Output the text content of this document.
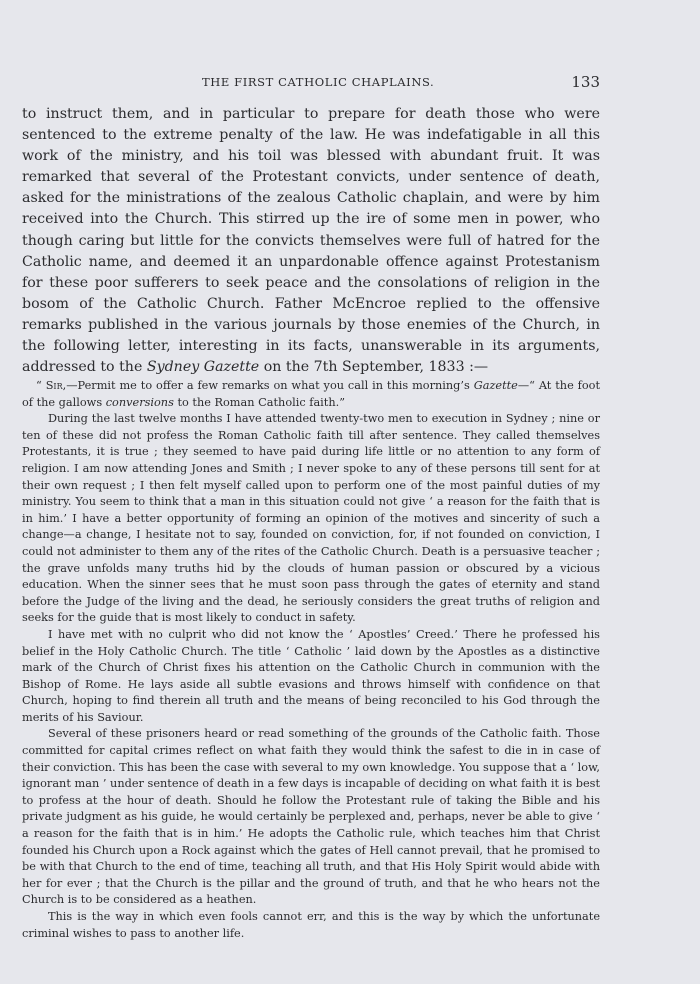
THE FIRST CATHOLIC CHAPLAINS.	133

to instruct them, and in particular to prepare for death those who were sentenced to the extreme penalty of the law. He was indefatigable in all this work of the ministry, and his toil was blessed with abundant fruit. It was remarked that several of the Protestant convicts, under sentence of death, asked for the ministrations of the zealous Catholic chaplain, and were by him received into the Church. This stirred up the ire of some men in power, who though caring but little for the convicts themselves were full of hatred for the Catholic name, and deemed it an unpardonable offence against Protestanism for these poor sufferers to seek peace and the consolations of religion in the bosom of the Catholic Church. Father McEncroe replied to the offensive remarks published in the various journals by those enemies of the Church, in the following letter, interesting in its facts, unanswerable in its arguments, addressed to the Sydney Gazette on the 7th September, 1833 :—

“ Sir,—Permit me to offer a few remarks on what you call in this morning’s Gazette—“ At the foot of the gallows conversions to the Roman Catholic faith.”

During the last twelve months I have attended twenty-two men to execution in Sydney ; nine or ten of these did not profess the Roman Catholic faith till after sentence. They called themselves Protestants, it is true ; they seemed to have paid during life little or no attention to any form of religion. I am now attending Jones and Smith ; I never spoke to any of these persons till sent for at their own request ; I then felt myself called upon to perform one of the most painful duties of my ministry. You seem to think that a man in this situation could not give ‘ a reason for the faith that is in him.’ I have a better opportunity of forming an opinion of the motives and sincerity of such a change—a change, I hesitate not to say, founded on conviction, for, if not founded on conviction, I could not administer to them any of the rites of the Catholic Church. Death is a persuasive teacher ; the grave unfolds many truths hid by the clouds of human passion or obscured by a vicious education. When the sinner sees that he must soon pass through the gates of eternity and stand before the Judge of the living and the dead, he seriously considers the great truths of religion and seeks for the guide that is most likely to conduct in safety.

I have met with no culprit who did not know the ‘ Apostles’ Creed.’ There he professed his belief in the Holy Catholic Church. The title ‘ Catholic ’ laid down by the Apostles as a distinctive mark of the Church of Christ fixes his attention on the Catholic Church in communion with the Bishop of Rome. He lays aside all subtle evasions and throws himself with confidence on that Church, hoping to find therein all truth and the means of being reconciled to his God through the merits of his Saviour.

Several of these prisoners heard or read something of the grounds of the Catholic faith. Those committed for capital crimes reflect on what faith they would think the safest to die in in case of their conviction. This has been the case with several to my own knowledge. You suppose that a ‘ low, ignorant man ’ under sentence of death in a few days is incapable of deciding on what faith it is best to profess at the hour of death. Should he follow the Protestant rule of taking the Bible and his private judgment as his guide, he would certainly be perplexed and, perhaps, never be able to give ‘ a reason for the faith that is in him.’ He adopts the Catholic rule, which teaches him that Christ founded his Church upon a Rock against which the gates of Hell cannot prevail, that he promised to be with that Church to the end of time, teaching all truth, and that His Holy Spirit would abide with her for ever ; that the Church is the pillar and the ground of truth, and that he who hears not the Church is to be considered as a heathen.

This is the way in which even fools cannot err, and this is the way by which the unfortunate criminal wishes to pass to another life.
